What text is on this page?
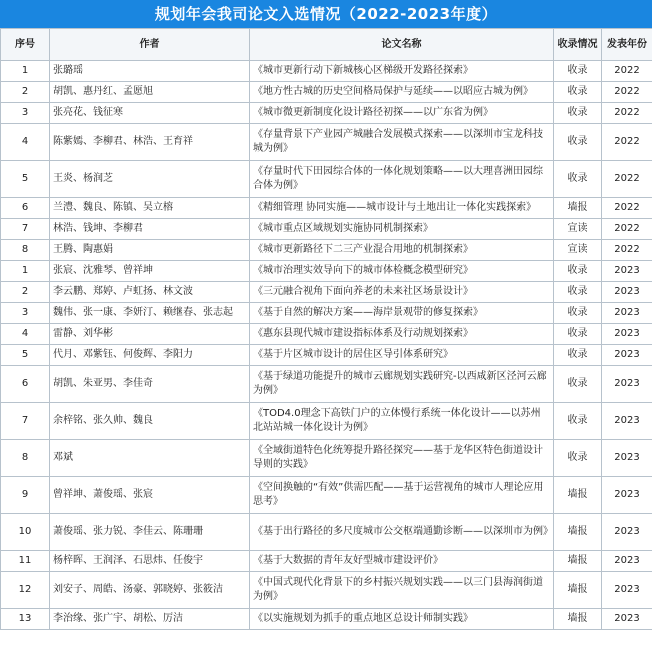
规划年会我司论文入选情况（2022-2023年度）
序号	作者	论文名称	收录情况	发表年份
1	张璐瑶	《城市更新行动下新城核心区梯级开发路径探索》	收录	2022
2	胡凯、惠丹红、孟愿旭	《地方性古城的历史空间格局保护与延续——以昭应古城为例》	收录	2022
3	张亮花、钱征寒	《城市微更新制度化设计路径初探——以广东省为例》	收录	2022
4	陈紫嫣、李柳君、林浩、王育祥	《存量背景下产业园产城融合发展模式探索——以深圳市宝龙科技城为例》	收录	2022
5	王炎、杨润芝	《存量时代下田园综合体的一体化规划策略——以大理喜洲田园综合体为例》	收录	2022
6	兰澧、魏良、陈镇、吴立榕	《精细管理 协同实施——城市设计与土地出让一体化实践探索》	墙报	2022
7	林浩、钱坤、李柳君	《城市重点区域规划实施协同机制探索》	宣读	2022
8	王腾、陶惠娟	《城市更新路径下二三产业混合用地的机制探索》	宣读	2022
1	张宸、沈雅琴、曾祥坤	《城市治理实效导向下的城市体检概念模型研究》	收录	2023
2	李云鹏、郑婷、卢虹扬、林文波	《三元融合视角下面向养老的未来社区场景设计》	收录	2023
3	魏伟、张一康、李妍汀、赖继春、张志起	《基于自然的解决方案——海岸景观带的修复探索》	收录	2023
4	雷静、刘华彬	《惠东县现代城市建设指标体系及行动规划探索》	收录	2023
5	代月、邓紫钰、何俊辉、李阳力	《基于片区城市设计的居住区导引体系研究》	收录	2023
6	胡凯、朱亚男、李佳奇	《基于绿道功能提升的城市云廊规划实践研究-以西咸新区泾河云廊为例》	收录	2023
7	余梓铭、张久帅、魏良	《TOD4.0理念下高铁门户的立体慢行系统一体化设计——以苏州北站站城一体化设计为例》	收录	2023
8	邓斌	《全域街道特色化统筹提升路径探究——基于龙华区特色街道设计导则的实践》	收录	2023
9	曾祥坤、萧俊瑶、张宸	《空间换触的“有效”供需匹配——基于运营视角的城市人理论应用思考》	墙报	2023
10	萧俊瑶、张力锐、李佳云、陈珊珊	《基于出行路径的多尺度城市公交枢端通勤诊断——以深圳市为例》	墙报	2023
11	杨梓晖、王润泽、石思炜、任俊宇	《基于大数据的青年友好型城市建设评价》	墙报	2023
12	刘安子、周皓、汤豪、郭晓婷、张筱洁	《中国式现代化背景下的乡村振兴规划实践——以三门县海润街道为例》	墙报	2023
13	李治缘、张广宇、胡松、厉洁	《以实施规划为抓手的重点地区总设计师制实践》	墙报	2023
